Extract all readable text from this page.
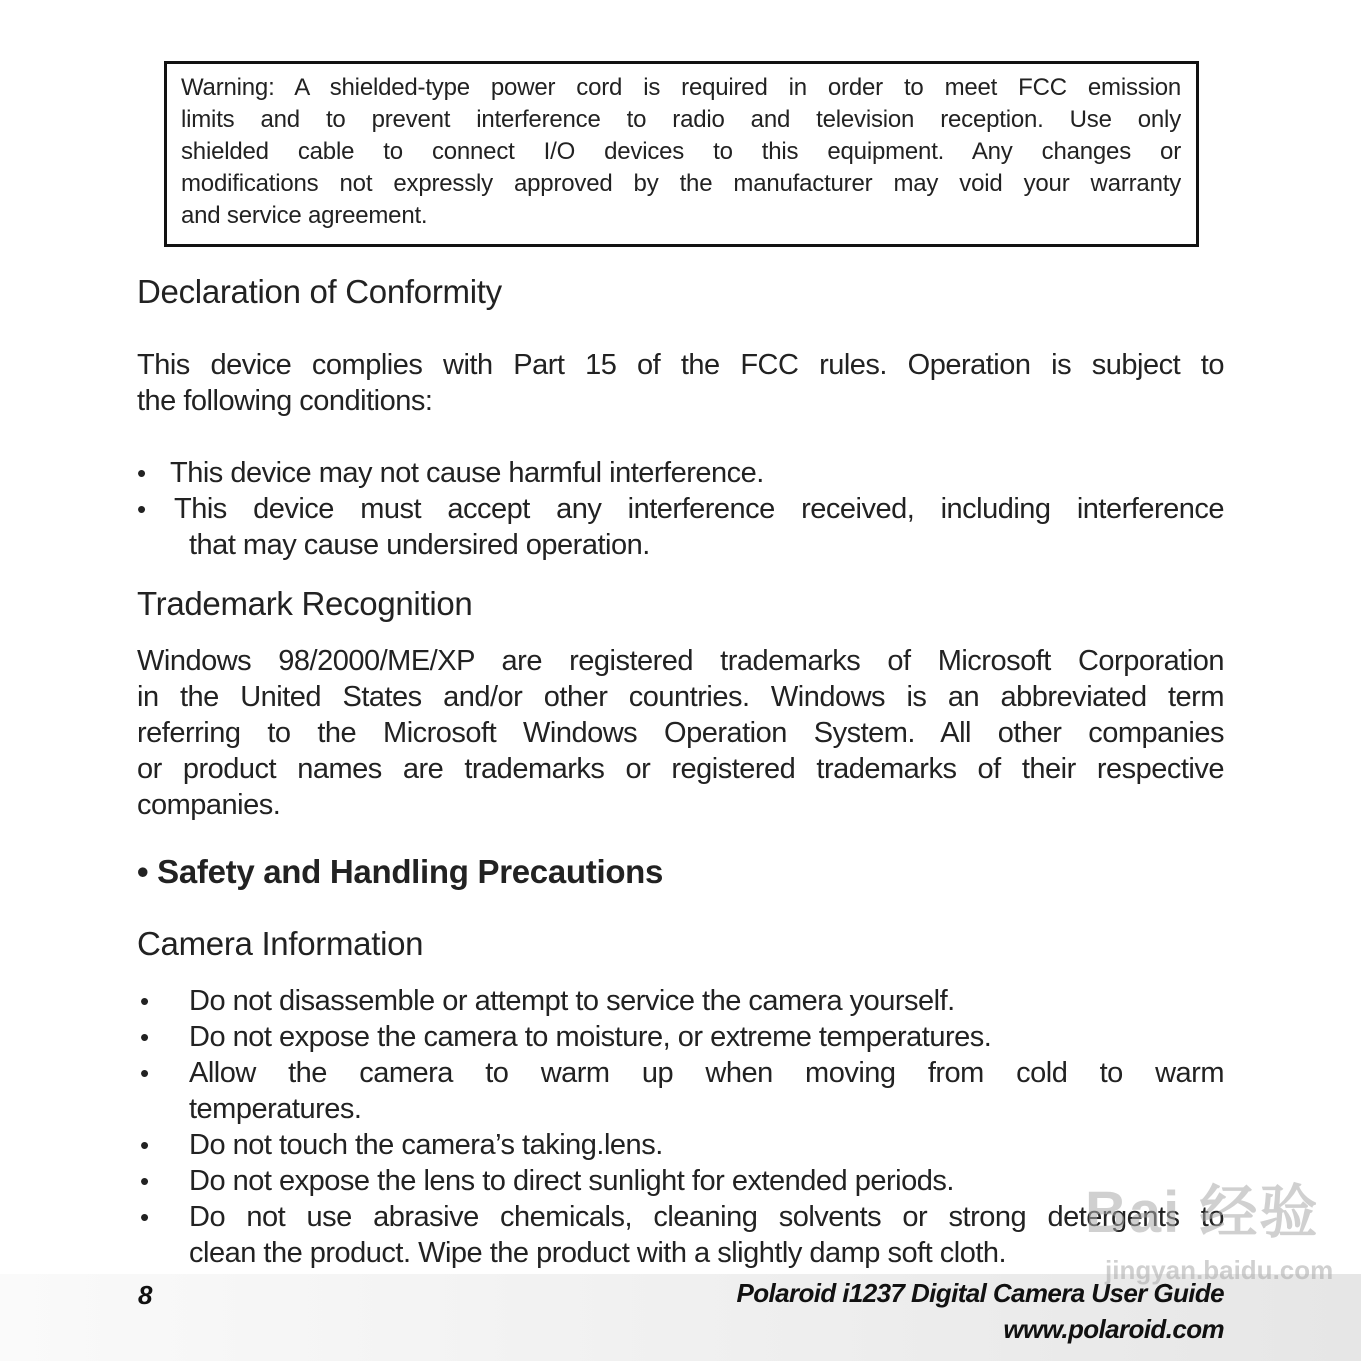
Warning: A shielded-type power cord is required in order to meet FCC emission
limits and to prevent interference to radio and television reception. Use only
shielded cable to connect I/O devices to this equipment. Any changes or
modifications not expressly approved by the manufacturer may void your warranty
and service agreement.
Declaration of Conformity
This device complies with Part 15 of the FCC rules. Operation is subject to
the following conditions:
• This device may not cause harmful interference.
• This device must accept any interference received, including interference
that may cause undersired operation.
Trademark Recognition
Windows 98/2000/ME/XP are registered trademarks of Microsoft Corporation
in the United States and/or other countries. Windows is an abbreviated term
referring to the Microsoft Windows Operation System. All other companies
or product names are trademarks or registered trademarks of their respective
companies.
• Safety and Handling Precautions
Camera Information
• Do not disassemble or attempt to service the camera yourself.
• Do not expose the camera to moisture, or extreme temperatures.
• Allow the camera to warm up when moving from cold to warm
temperatures.
• Do not touch the camera’s taking.lens.
• Do not expose the lens to direct sunlight for extended periods.
• Do not use abrasive chemicals, cleaning solvents or strong detergents to
clean the product. Wipe the product with a slightly damp soft cloth.
8	Polaroid i1237 Digital Camera User Guide
www.polaroid.com
Bai 经验
jingyan.baidu.com
